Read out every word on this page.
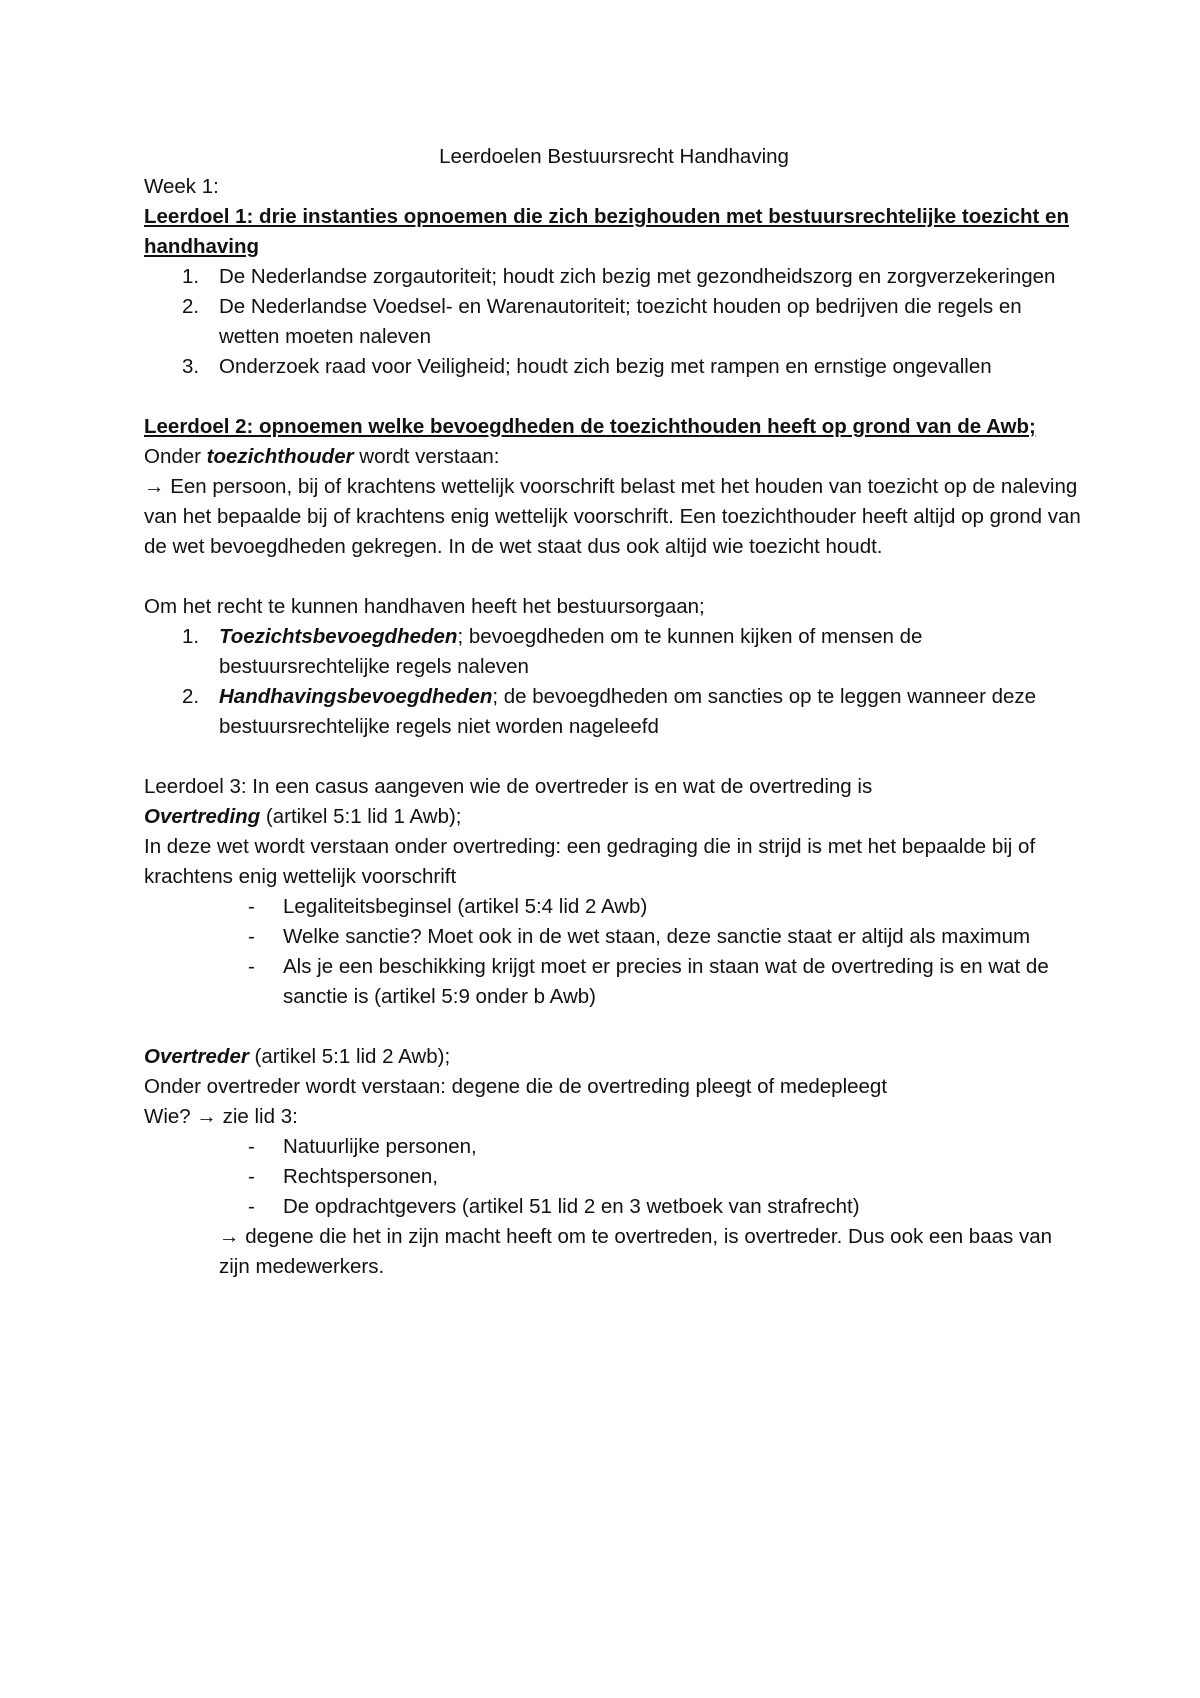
Leerdoelen Bestuursrecht Handhaving

Week 1:

Leerdoel 1: drie instanties opnoemen die zich bezighouden met bestuursrechtelijke toezicht en handhaving

1. De Nederlandse zorgautoriteit; houdt zich bezig met gezondheidszorg en zorgverzekeringen
2. De Nederlandse Voedsel- en Warenautoriteit; toezicht houden op bedrijven die regels en wetten moeten naleven
3. Onderzoek raad voor Veiligheid; houdt zich bezig met rampen en ernstige ongevallen

Leerdoel 2: opnoemen welke bevoegdheden de toezichthouden heeft op grond van de Awb;

Onder toezichthouder wordt verstaan:

→ Een persoon, bij of krachtens wettelijk voorschrift belast met het houden van toezicht op de naleving van het bepaalde bij of krachtens enig wettelijk voorschrift. Een toezichthouder heeft altijd op grond van de wet bevoegdheden gekregen. In de wet staat dus ook altijd wie toezicht houdt.

Om het recht te kunnen handhaven heeft het bestuursorgaan;

1. Toezichtsbevoegdheden; bevoegdheden om te kunnen kijken of mensen de bestuursrechtelijke regels naleven
2. Handhavingsbevoegdheden; de bevoegdheden om sancties op te leggen wanneer deze bestuursrechtelijke regels niet worden nageleefd

Leerdoel 3: In een casus aangeven wie de overtreder is en wat de overtreding is

Overtreding (artikel 5:1 lid 1 Awb);

In deze wet wordt verstaan onder overtreding: een gedraging die in strijd is met het bepaalde bij of krachtens enig wettelijk voorschrift

- Legaliteitsbeginsel (artikel 5:4 lid 2 Awb)
- Welke sanctie? Moet ook in de wet staan, deze sanctie staat er altijd als maximum
- Als je een beschikking krijgt moet er precies in staan wat de overtreding is en wat de sanctie is (artikel 5:9 onder b Awb)

Overtreder (artikel 5:1 lid 2 Awb);

Onder overtreder wordt verstaan: degene die de overtreding pleegt of medepleegt

Wie? → zie lid 3:

- Natuurlijke personen,
- Rechtspersonen,
- De opdrachtgevers (artikel 51 lid 2 en 3 wetboek van strafrecht)

→ degene die het in zijn macht heeft om te overtreden, is overtreder. Dus ook een baas van zijn medewerkers.
